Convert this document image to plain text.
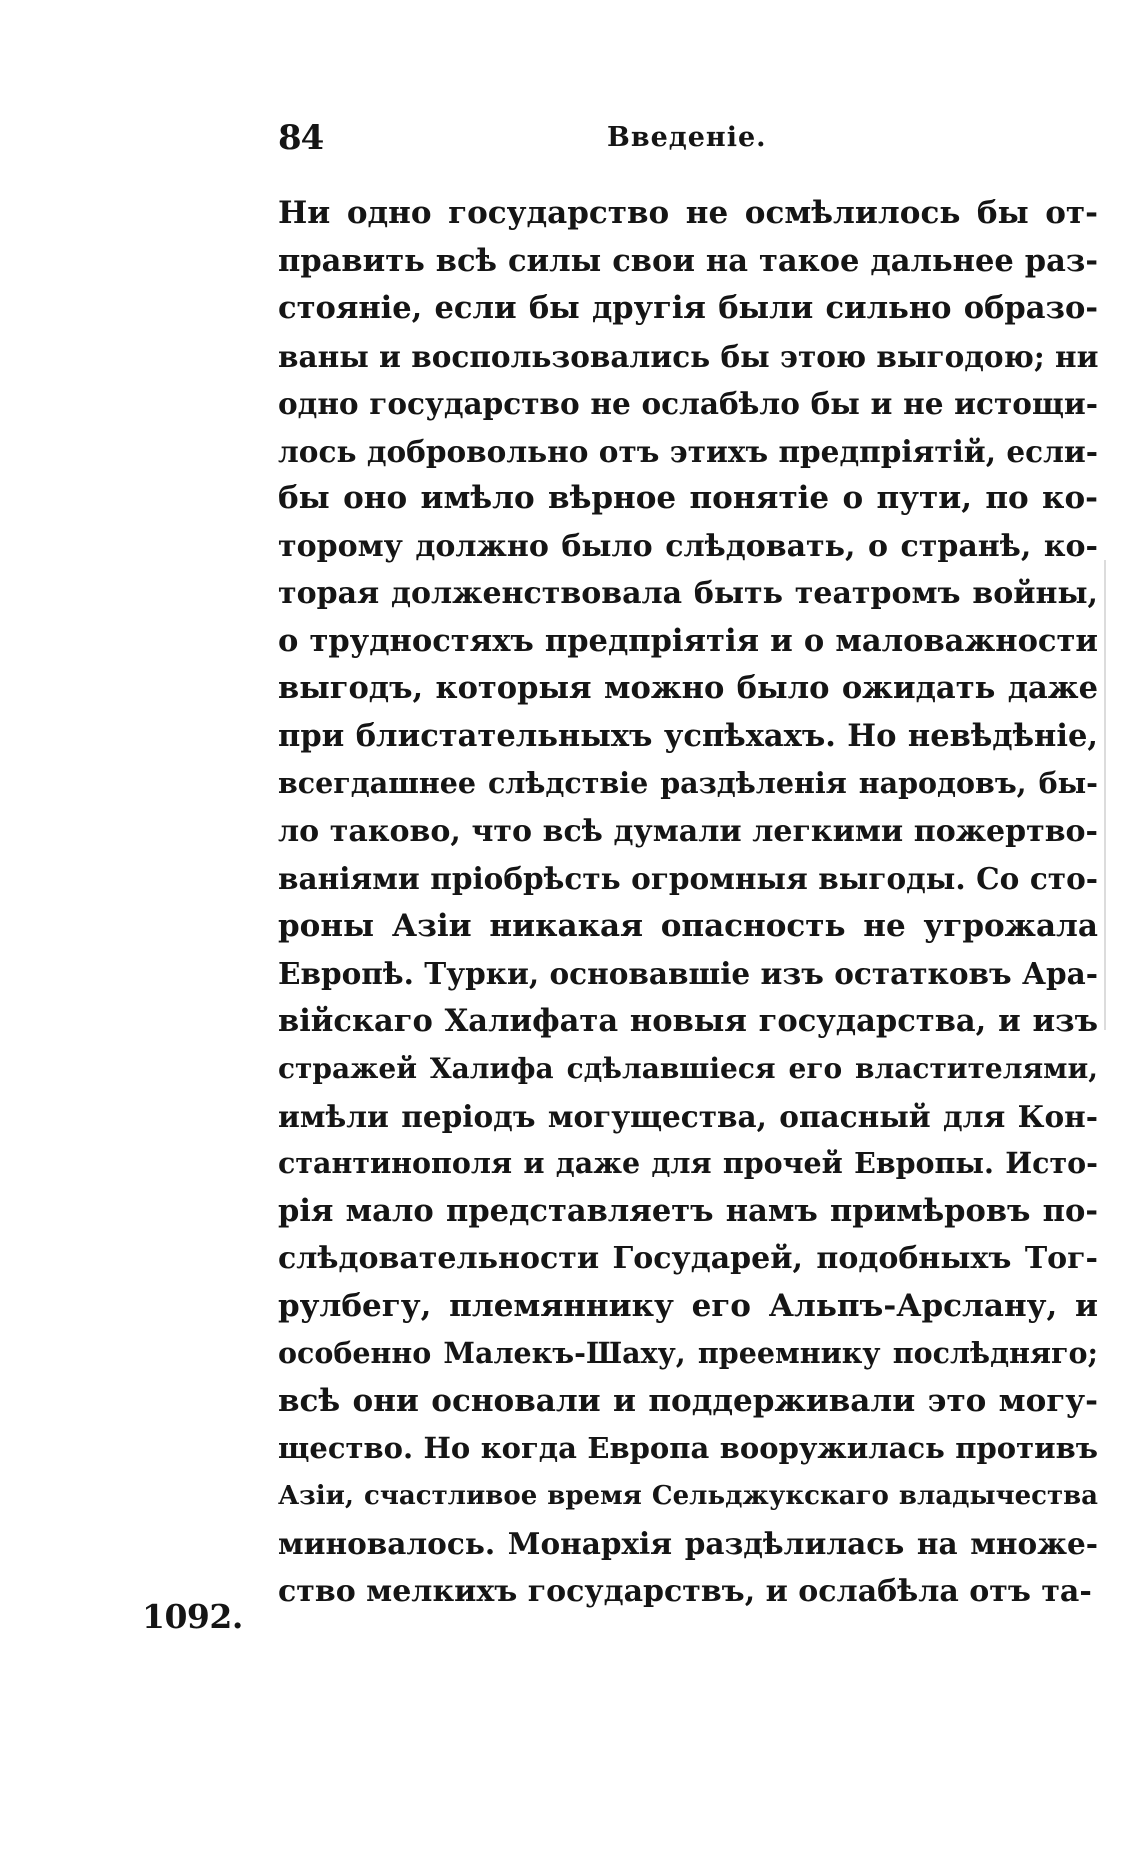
84	Введенiе.
Ни одно государство не осмѣлилось бы от-
править всѣ силы свои на такое дальнее раз-
стоянiе, если бы другiя были сильно образо-
ваны и воспользовались бы этою выгодою; ни
одно государство не ослабѣло бы и не истощи-
лось добровольно отъ этихъ предпрiятiй, если-
бы оно имѣло вѣрное понятiе о пути, по ко-
торому должно было слѣдовать, о странѣ, ко-
торая долженствовала быть театромъ войны,
о трудностяхъ предпрiятiя и о маловажности
выгодъ, которыя можно было ожидать даже
при блистательныхъ успѣхахъ. Но невѣдѣнiе,
всегдашнее слѣдствiе раздѣленiя народовъ, бы-
ло таково, что всѣ думали легкими пожертво-
ванiями прiобрѣсть огромныя выгоды. Со сто-
роны Азiи никакая опасность не угрожала
Европѣ. Турки, основавшiе изъ остатковъ Ара-
вiйскаго Халифата новыя государства, и изъ
стражей Халифа сдѣлавшiеся его властителями,
имѣли перiодъ могущества, опасный для Кон-
стантинополя и даже для прочей Европы. Исто-
рiя мало представляетъ намъ примѣровъ по-
слѣдовательности Государей, подобныхъ Тог-
рулбегу, племяннику его Альпъ-Арслану, и
особенно Малекъ-Шаху, преемнику послѣдняго;
всѣ они основали и поддерживали это могу-
щество. Но когда Европа вооружилась противъ
Азiи, счастливое время Сельджукскаго владычества
миновалось. Монархiя раздѣлилась на множе-
ство мелкихъ государствъ, и ослабѣла отъ та-
1092.
